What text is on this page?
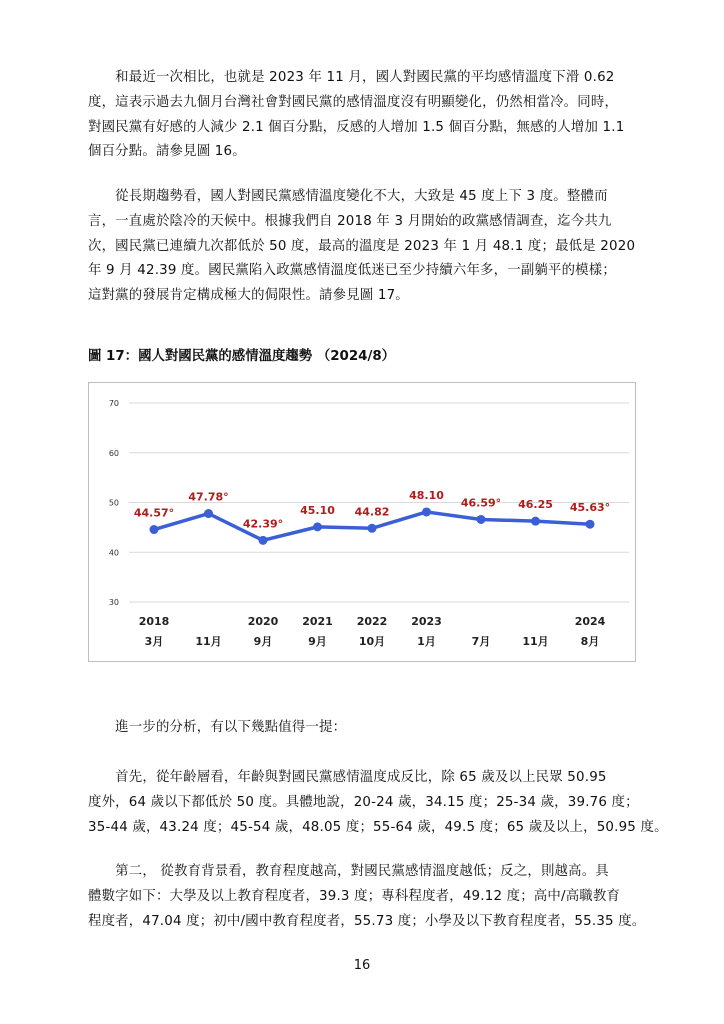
　　和最近一次相比，也就是 2023 年 11 月，國人對國民黨的平均感情溫度下滑 0.62
度，這表示過去九個月台灣社會對國民黨的感情溫度沒有明顯變化，仍然相當冷。同時，
對國民黨有好感的人減少 2.1 個百分點，反感的人增加 1.5 個百分點，無感的人增加 1.1
個百分點。請參見圖 16。
　　從長期趨勢看，國人對國民黨感情溫度變化不大，大致是 45 度上下 3 度。整體而
言，一直處於陰冷的天候中。根據我們自 2018 年 3 月開始的政黨感情調查，迄今共九
次，國民黨已連續九次都低於 50 度，最高的溫度是 2023 年 1 月 48.1 度；最低是 2020
年 9 月 42.39 度。國民黨陷入政黨感情溫度低迷已至少持續六年多，一副躺平的模樣；
這對黨的發展肯定構成極大的侷限性。請參見圖 17。
圖 17：國人對國民黨的感情溫度趨勢 （2024/8）
30
40
50
60
70
2018
3月	11月
2020
9月
2021
9月
2022
10月
2023
1月	7月	11月
2024
8月
44.57°
47.78°
42.39°
45.10 44.82
48.10
46.59° 46.25 45.63°
　　進一步的分析，有以下幾點值得一提：
　　首先，從年齡層看，年齡與對國民黨感情溫度成反比，除 65 歲及以上民眾 50.95
度外，64 歲以下都低於 50 度。具體地說，20-24 歲，34.15 度；25-34 歲，39.76 度；
35-44 歲，43.24 度；45-54 歲，48.05 度；55-64 歲，49.5 度；65 歲及以上，50.95 度。
　　第二， 從教育背景看，教育程度越高，對國民黨感情溫度越低；反之，則越高。具
體數字如下：大學及以上教育程度者，39.3 度；專科程度者，49.12 度；高中/高職教育
程度者，47.04 度；初中/國中教育程度者，55.73 度；小學及以下教育程度者，55.35 度。
16
